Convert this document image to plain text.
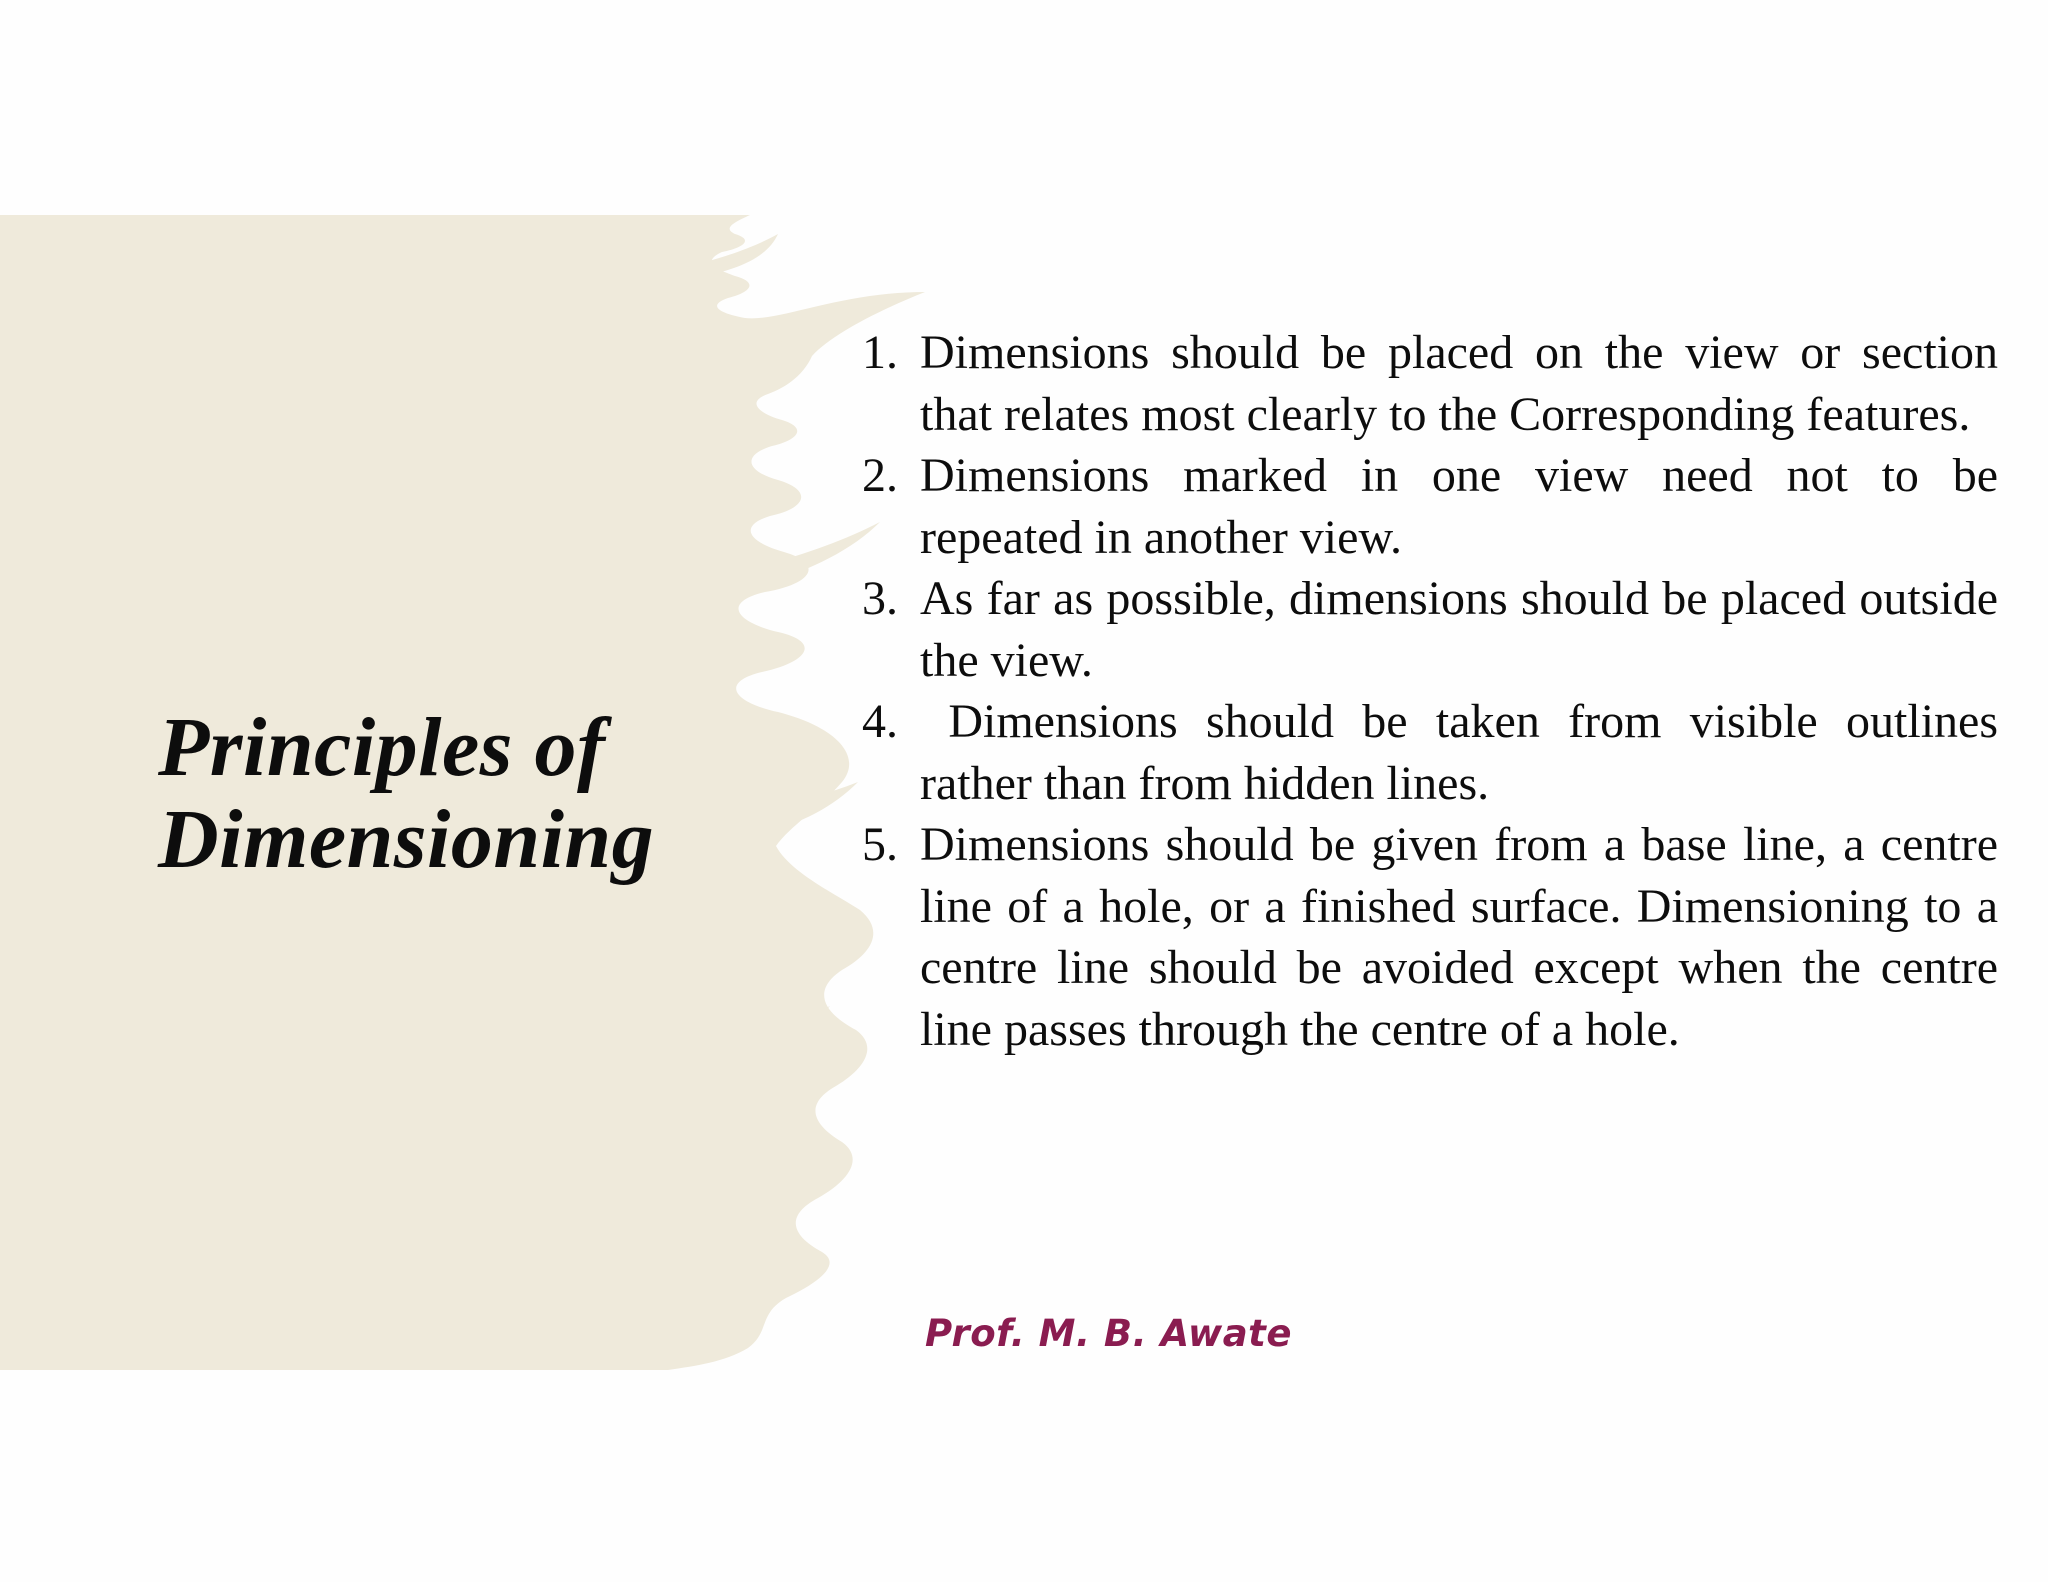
Principles of
Dimensioning
1. Dimensions should be placed on the view or section that relates most clearly to the Corresponding features.
2. Dimensions marked in one view need not to be repeated in another view.
3. As far as possible, dimensions should be placed outside the view.
4. Dimensions should be taken from visible outlines rather than from hidden lines.
5. Dimensions should be given from a base line, a centre line of a hole, or a finished surface. Dimensioning to a centre line should be avoided except when the centre line passes through the centre of a hole.

Prof. M. B. Awate
